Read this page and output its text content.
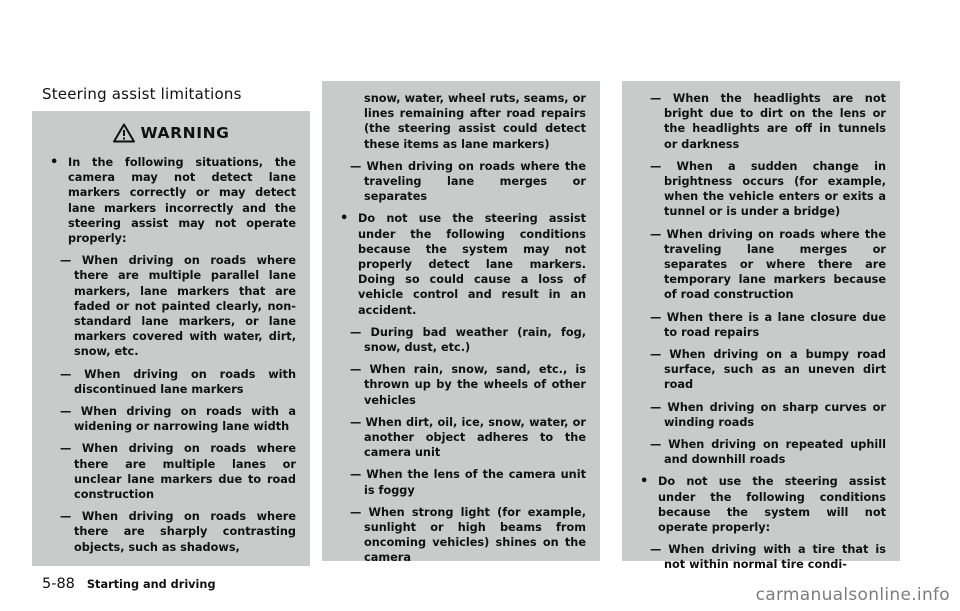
Steering assist limitations
WARNING
• In the following situations, the camera may not detect lane markers correctly or may detect lane markers incorrectly and the steering assist may not operate properly:
— When driving on roads where there are multiple parallel lane markers, lane markers that are faded or not painted clearly, non-standard lane markers, or lane markers covered with water, dirt, snow, etc.
— When driving on roads with discontinued lane markers
— When driving on roads with a widening or narrowing lane width
— When driving on roads where there are multiple lanes or unclear lane markers due to road construction
— When driving on roads where there are sharply contrasting objects, such as shadows,
snow, water, wheel ruts, seams, or lines remaining after road repairs (the steering assist could detect these items as lane markers)
— When driving on roads where the traveling lane merges or separates
• Do not use the steering assist under the following conditions because the system may not properly detect lane markers. Doing so could cause a loss of vehicle control and result in an accident.
— During bad weather (rain, fog, snow, dust, etc.)
— When rain, snow, sand, etc., is thrown up by the wheels of other vehicles
— When dirt, oil, ice, snow, water, or another object adheres to the camera unit
— When the lens of the camera unit is foggy
— When strong light (for example, sunlight or high beams from oncoming vehicles) shines on the camera
— When the headlights are not bright due to dirt on the lens or the headlights are off in tunnels or darkness
— When a sudden change in brightness occurs (for example, when the vehicle enters or exits a tunnel or is under a bridge)
— When driving on roads where the traveling lane merges or separates or where there are temporary lane markers because of road construction
— When there is a lane closure due to road repairs
— When driving on a bumpy road surface, such as an uneven dirt road
— When driving on sharp curves or winding roads
— When driving on repeated uphill and downhill roads
• Do not use the steering assist under the following conditions because the system will not operate properly:
— When driving with a tire that is not within normal tire condi-
5-88 Starting and driving
carmanualsonline.info
